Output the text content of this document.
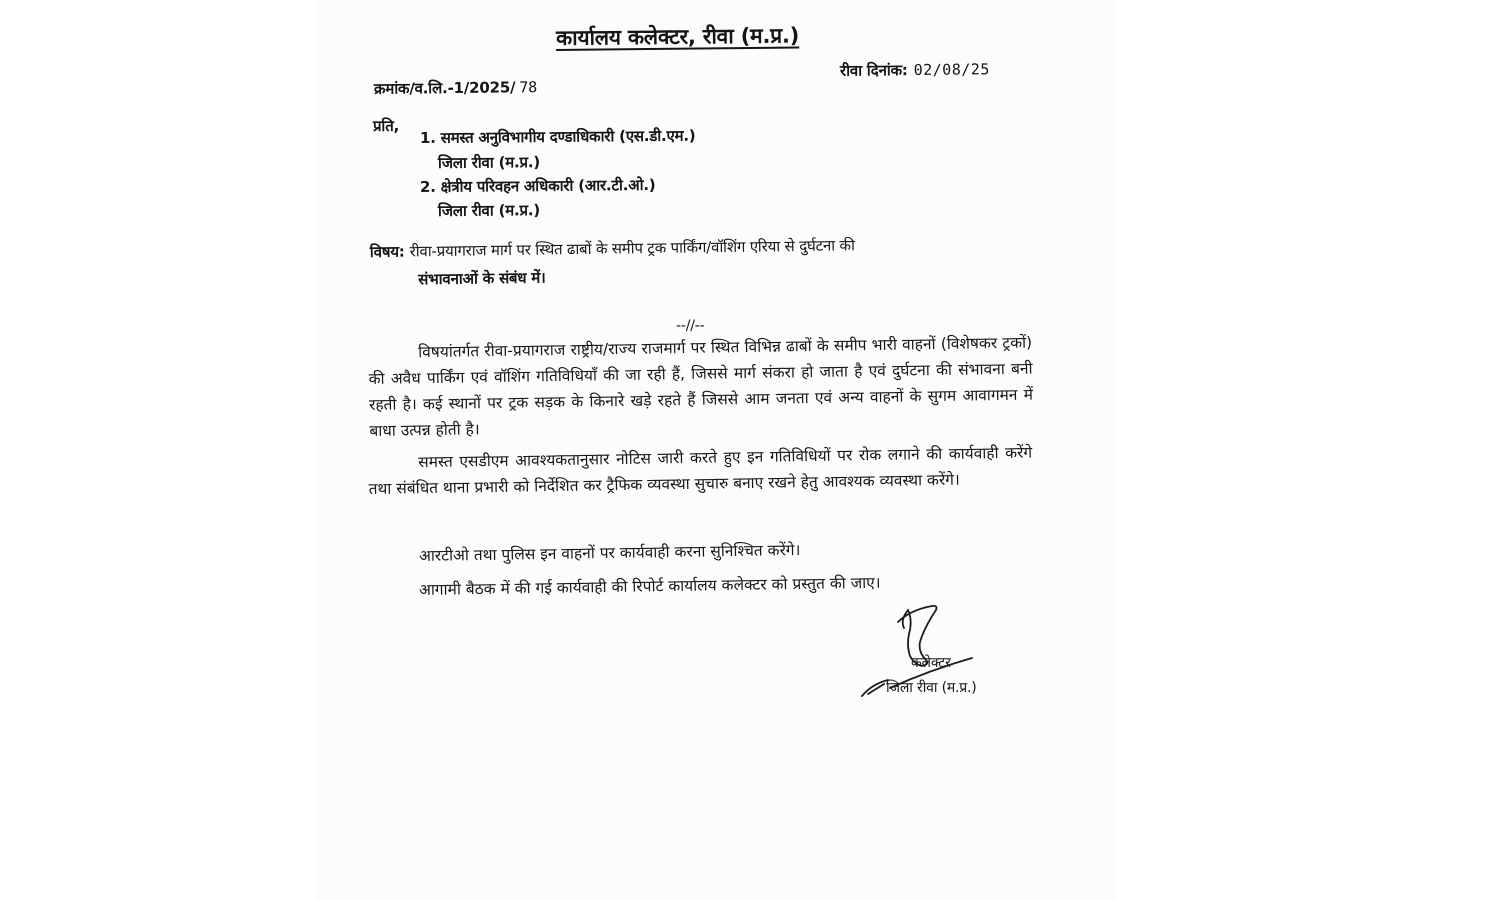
कार्यालय कलेक्टर, रीवा (म.प्र.)
रीवा दिनांक: 02/08/25
क्रमांक/व.लि.-1/2025/ 78
प्रति,
1. समस्त अनुविभागीय दण्डाधिकारी (एस.डी.एम.)
जिला रीवा (म.प्र.)
2. क्षेत्रीय परिवहन अधिकारी (आर.टी.ओ.)
जिला रीवा (म.प्र.)
विषय: रीवा-प्रयागराज मार्ग पर स्थित ढाबों के समीप ट्रक पार्किंग/वॉशिंग एरिया से दुर्घटना की
संभावनाओं के संबंध में।
--//--
विषयांतर्गत रीवा-प्रयागराज राष्ट्रीय/राज्य राजमार्ग पर स्थित विभिन्न ढाबों के समीप भारी वाहनों (विशेषकर ट्रकों) की अवैध पार्किंग एवं वॉशिंग गतिविधियाँ की जा रही हैं, जिससे मार्ग संकरा हो जाता है एवं दुर्घटना की संभावना बनी रहती है। कई स्थानों पर ट्रक सड़क के किनारे खड़े रहते हैं जिससे आम जनता एवं अन्य वाहनों के सुगम आवागमन में बाधा उत्पन्न होती है।
समस्त एसडीएम आवश्यकतानुसार नोटिस जारी करते हुए इन गतिविधियों पर रोक लगाने की कार्यवाही करेंगे तथा संबंधित थाना प्रभारी को निर्देशित कर ट्रैफिक व्यवस्था सुचारु बनाए रखने हेतु आवश्यक व्यवस्था करेंगे।
आरटीओ तथा पुलिस इन वाहनों पर कार्यवाही करना सुनिश्चित करेंगे।
आगामी बैठक में की गई कार्यवाही की रिपोर्ट कार्यालय कलेक्टर को प्रस्तुत की जाए।
कलेक्टर
जिला रीवा (म.प्र.)
